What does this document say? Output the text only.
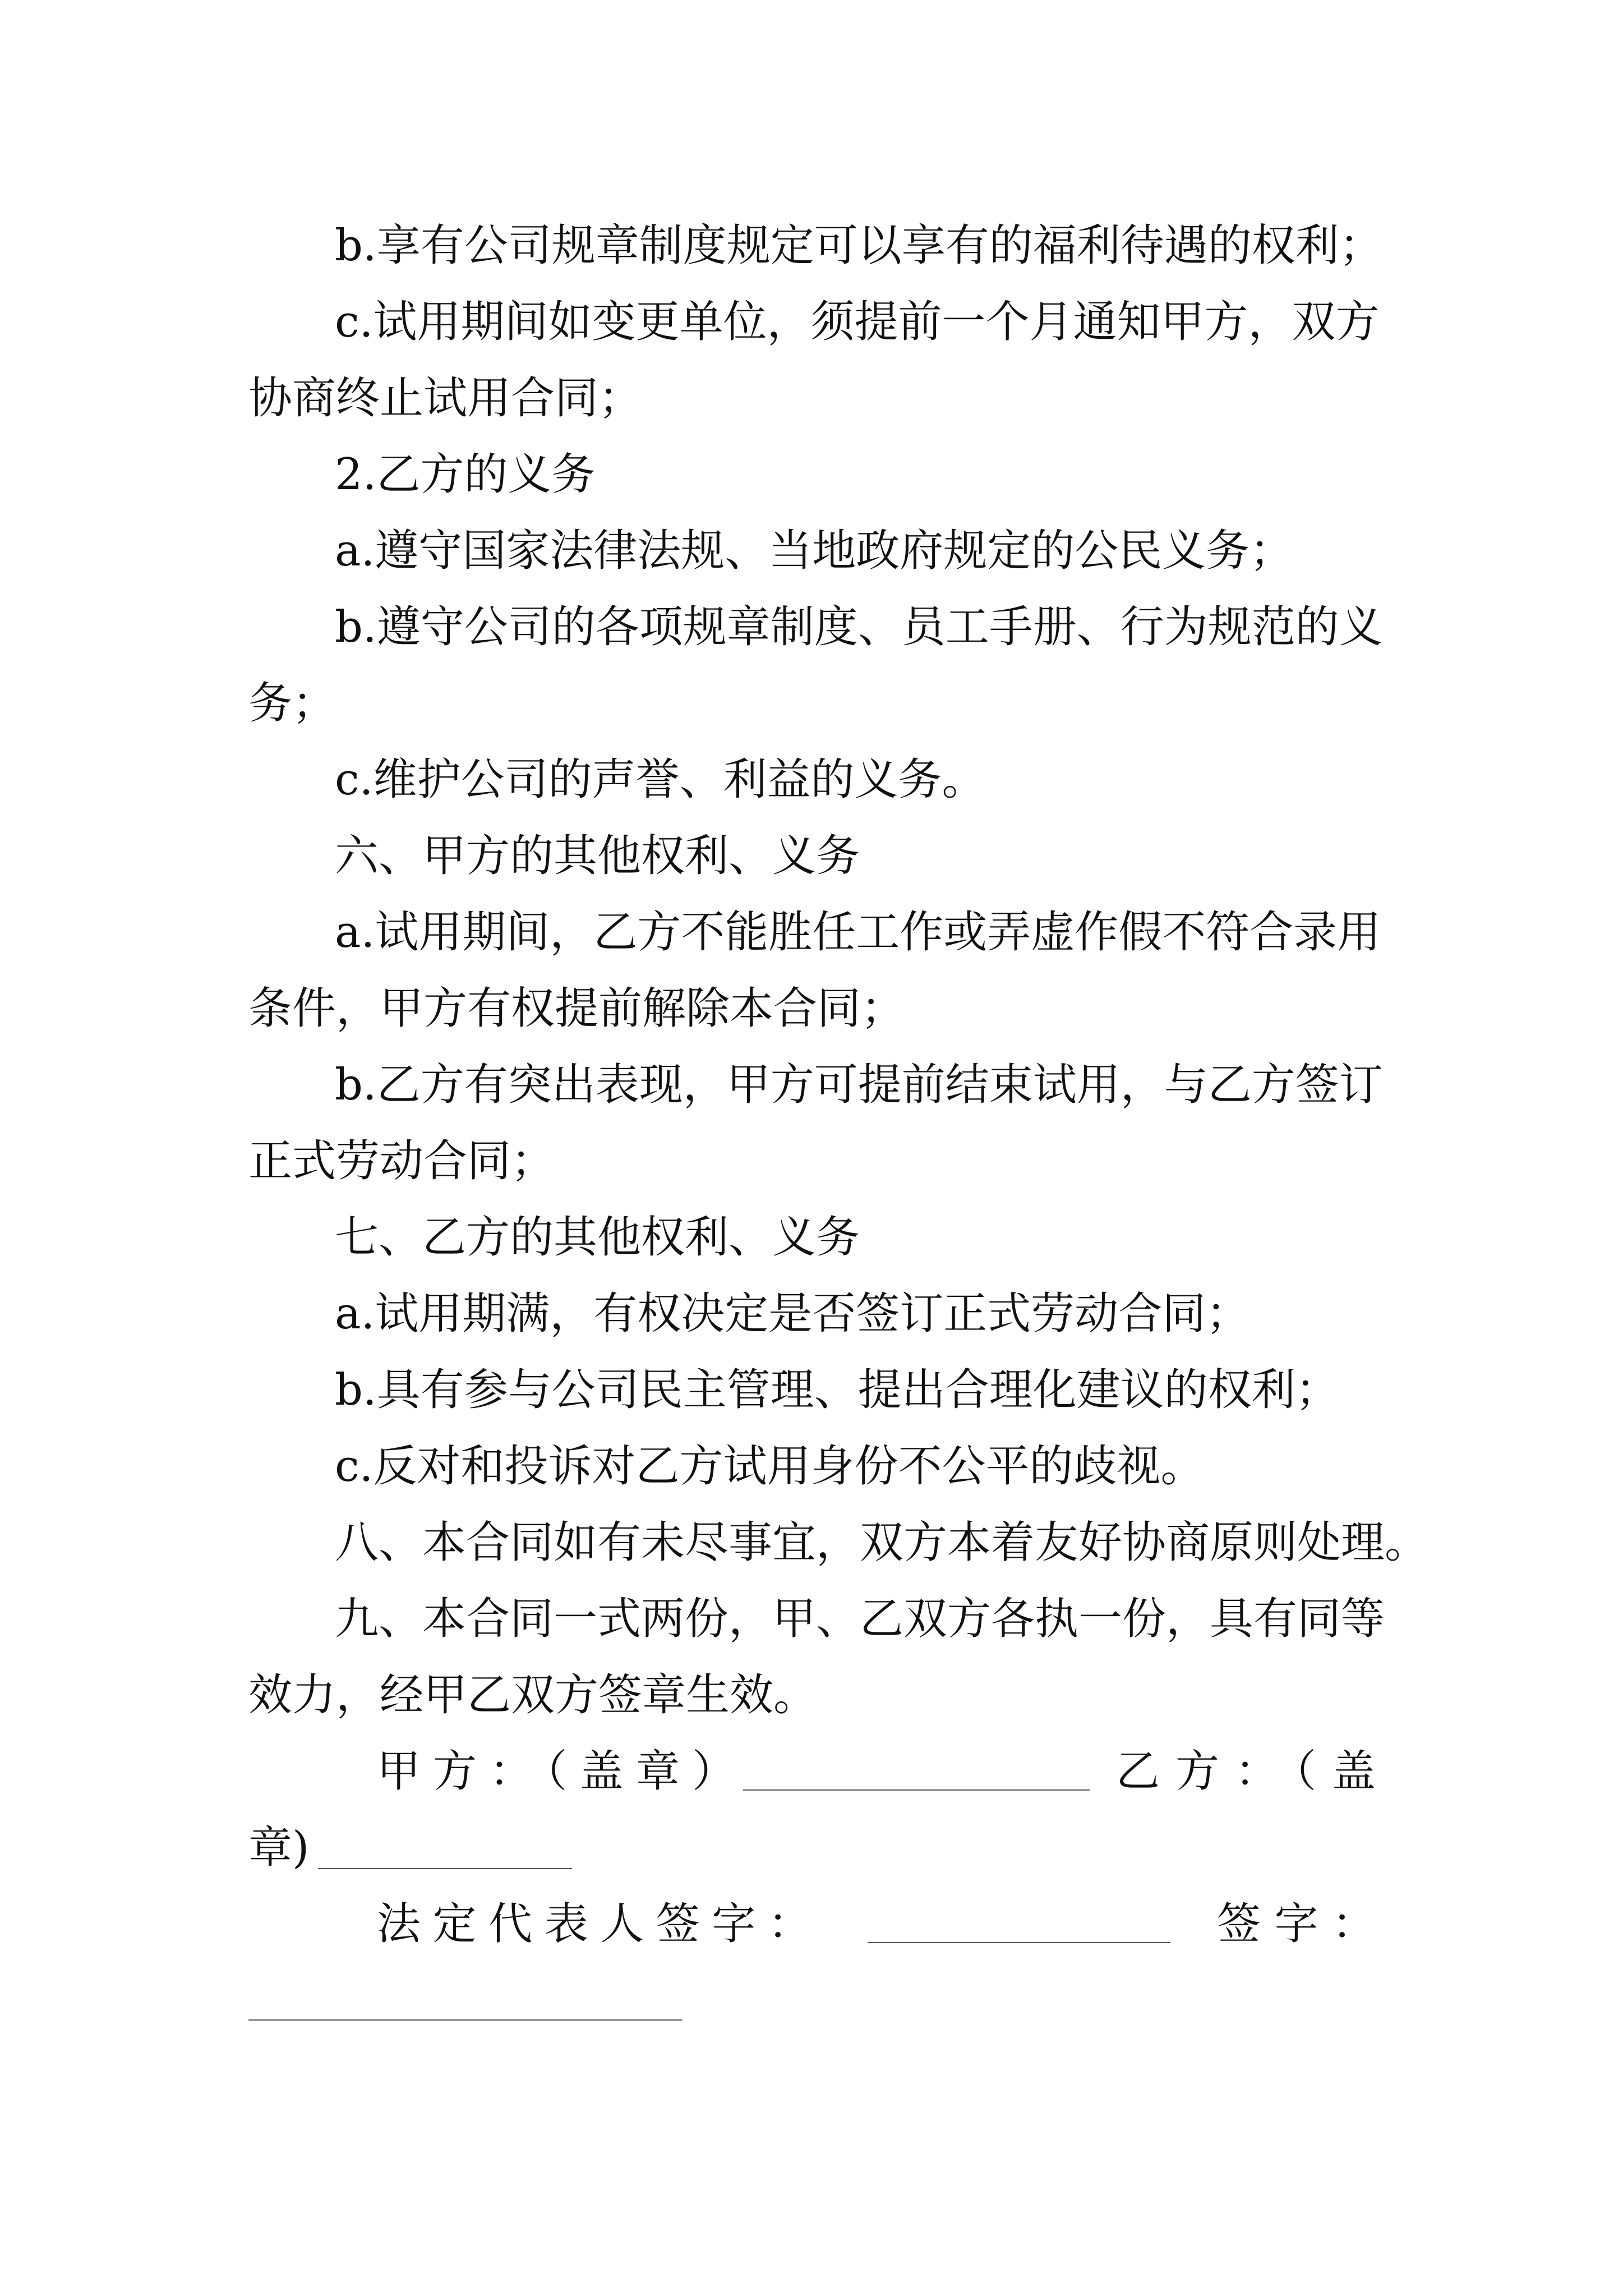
b.享有公司规章制度规定可以享有的福利待遇的权利；
c.试用期间如变更单位，须提前一个月通知甲方，双方
协商终止试用合同；
2.乙方的义务
a.遵守国家法律法规、当地政府规定的公民义务；
b.遵守公司的各项规章制度、员工手册、行为规范的义
务；
c.维护公司的声誉、利益的义务。
六、甲方的其他权利、义务
a.试用期间，乙方不能胜任工作或弄虚作假不符合录用
条件，甲方有权提前解除本合同；
b.乙方有突出表现，甲方可提前结束试用，与乙方签订
正式劳动合同；
七、乙方的其他权利、义务
a.试用期满，有权决定是否签订正式劳动合同；
b.具有参与公司民主管理、提出合理化建议的权利；
c.反对和投诉对乙方试用身份不公平的歧视。
八、本合同如有未尽事宜，双方本着友好协商原则处理。
九、本合同一式两份，甲、乙双方各执一份，具有同等
效力，经甲乙双方签章生效。
甲方：（盖章）	乙方：（盖
章)
法定代表人签字：	签字：
